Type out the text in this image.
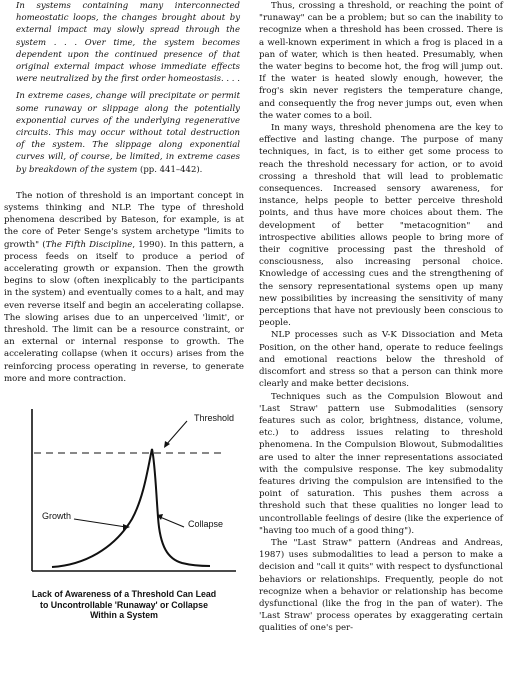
In systems containing many interconnected homeostatic loops, the changes brought about by external impact may slowly spread through the system . . . Over time, the system becomes dependent upon the continued presence of that original external impact whose immediate effects were neutralized by the first order homeostasis. . . .

In extreme cases, change will precipitate or permit some runaway or slippage along the potentially exponential curves of the underlying regenerative circuits. This may occur without total destruction of the system. The slippage along exponential curves will, of course, be limited, in extreme cases by breakdown of the system (pp. 441–442).

The notion of threshold is an important concept in systems thinking and NLP. The type of threshold phenomena described by Bateson, for example, is at the core of Peter Senge's system archetype "limits to growth" (The Fifth Discipline, 1990). In this pattern, a process feeds on itself to produce a period of accelerating growth or expansion. Then the growth begins to slow (often inexplicably to the participants in the system) and eventually comes to a halt, and may even reverse itself and begin an accelerating collapse. The slowing arises due to an unperceived 'limit', or threshold. The limit can be a resource constraint, or an external or internal response to growth. The accelerating collapse (when it occurs) arises from the reinforcing process operating in reverse, to generate more and more contraction.

Threshold
Growth
Collapse
Lack of Awareness of a Threshold Can Lead
to Uncontrollable 'Runaway' or Collapse
Within a System

Thus, crossing a threshold, or reaching the point of "runaway" can be a problem; but so can the inability to recognize when a threshold has been crossed. There is a well-known experiment in which a frog is placed in a pan of water, which is then heated. Presumably, when the water begins to become hot, the frog will jump out. If the water is heated slowly enough, however, the frog's skin never registers the temperature change, and consequently the frog never jumps out, even when the water comes to a boil.

In many ways, threshold phenomena are the key to effective and lasting change. The purpose of many techniques, in fact, is to either get some process to reach the threshold necessary for action, or to avoid crossing a threshold that will lead to problematic consequences. Increased sensory awareness, for instance, helps people to better perceive threshold points, and thus have more choices about them. The development of better "metacognition" and introspective abilities allows people to bring more of their cognitive processing past the threshold of consciousness, also increasing personal choice. Knowledge of accessing cues and the strengthening of the sensory representational systems open up many new possibilities by increasing the sensitivity of many perceptions that have not previously been conscious to people.

NLP processes such as V-K Dissociation and Meta Position, on the other hand, operate to reduce feelings and emotional reactions below the threshold of discomfort and stress so that a person can think more clearly and make better decisions.

Techniques such as the Compulsion Blowout and 'Last Straw' pattern use Submodalities (sensory features such as color, brightness, distance, volume, etc.) to address issues relating to threshold phenomena. In the Compulsion Blowout, Submodalities are used to alter the inner representations associated with the compulsive response. The key submodality features driving the compulsion are intensified to the point of saturation. This pushes them across a threshold such that these qualities no longer lead to uncontrollable feelings of desire (like the experience of "having too much of a good thing").

The "Last Straw" pattern (Andreas and Andreas, 1987) uses submodalities to lead a person to make a decision and "call it quits" with respect to dysfunctional behaviors or relationships. Frequently, people do not recognize when a behavior or relationship has become dysfunctional (like the frog in the pan of water). The 'Last Straw' process operates by exaggerating certain qualities of one's per-
